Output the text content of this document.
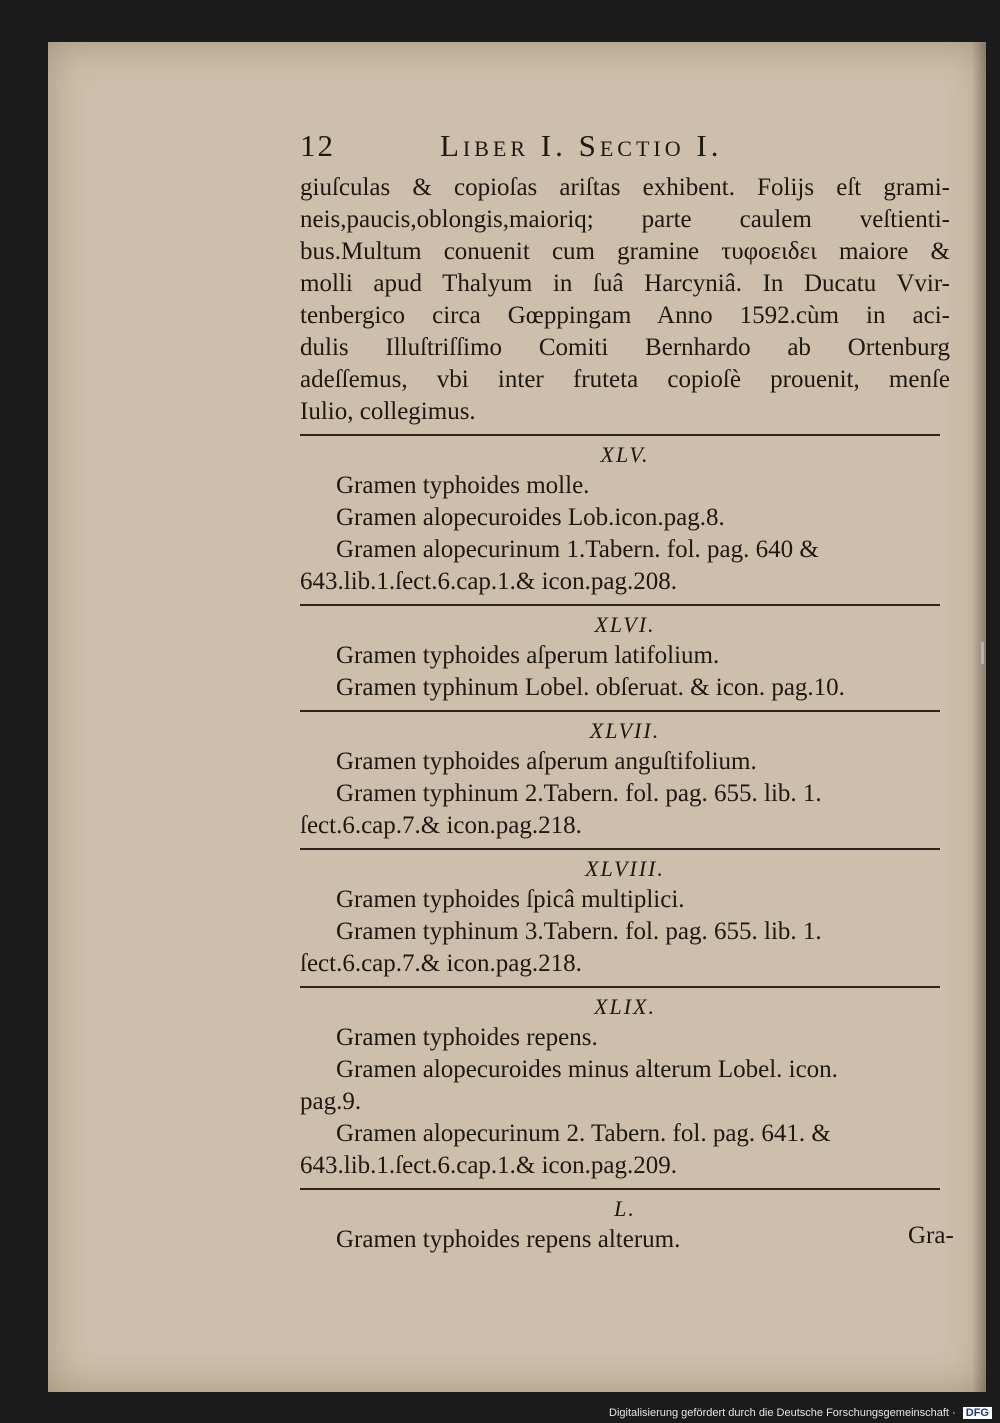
12	Liber I. Sectio I.
giuſculas & copioſas ariſtas exhibent. Folijs eſt grami-
neis,paucis,oblongis,maioriq; parte caulem veſtienti-
bus.Multum conuenit cum gramine τυφοειδει maiore &
molli apud Thalyum in ſuâ Harcyniâ. In Ducatu Vvir-
tenbergico circa Gœppingam Anno 1592.cùm in aci-
dulis Illuſtriſſimo Comiti Bernhardo ab Ortenburg
adeſſemus, vbi inter fruteta copioſè prouenit, menſe
Iulio, collegimus.
XLV.
Gramen typhoides molle.
Gramen alopecuroides Lob.icon.pag.8.
Gramen alopecurinum 1.Tabern. fol. pag. 640 &
643.lib.1.ſect.6.cap.1.& icon.pag.208.
XLVI.
Gramen typhoides aſperum latifolium.
Gramen typhinum Lobel. obſeruat. & icon. pag.10.
XLVII.
Gramen typhoides aſperum anguſtifolium.
Gramen typhinum 2.Tabern. fol. pag. 655. lib. 1.
ſect.6.cap.7.& icon.pag.218.
XLVIII.
Gramen typhoides ſpicâ multiplici.
Gramen typhinum 3.Tabern. fol. pag. 655. lib. 1.
ſect.6.cap.7.& icon.pag.218.
XLIX.
Gramen typhoides repens.
Gramen alopecuroides minus alterum Lobel. icon.
pag.9.
Gramen alopecurinum 2. Tabern. fol. pag. 641. &
643.lib.1.ſect.6.cap.1.& icon.pag.209.
L.
Gramen typhoides repens alterum.	Gra-
Digitalisierung gefördert durch die Deutsche Forschungsgemeinschaft · DFG
